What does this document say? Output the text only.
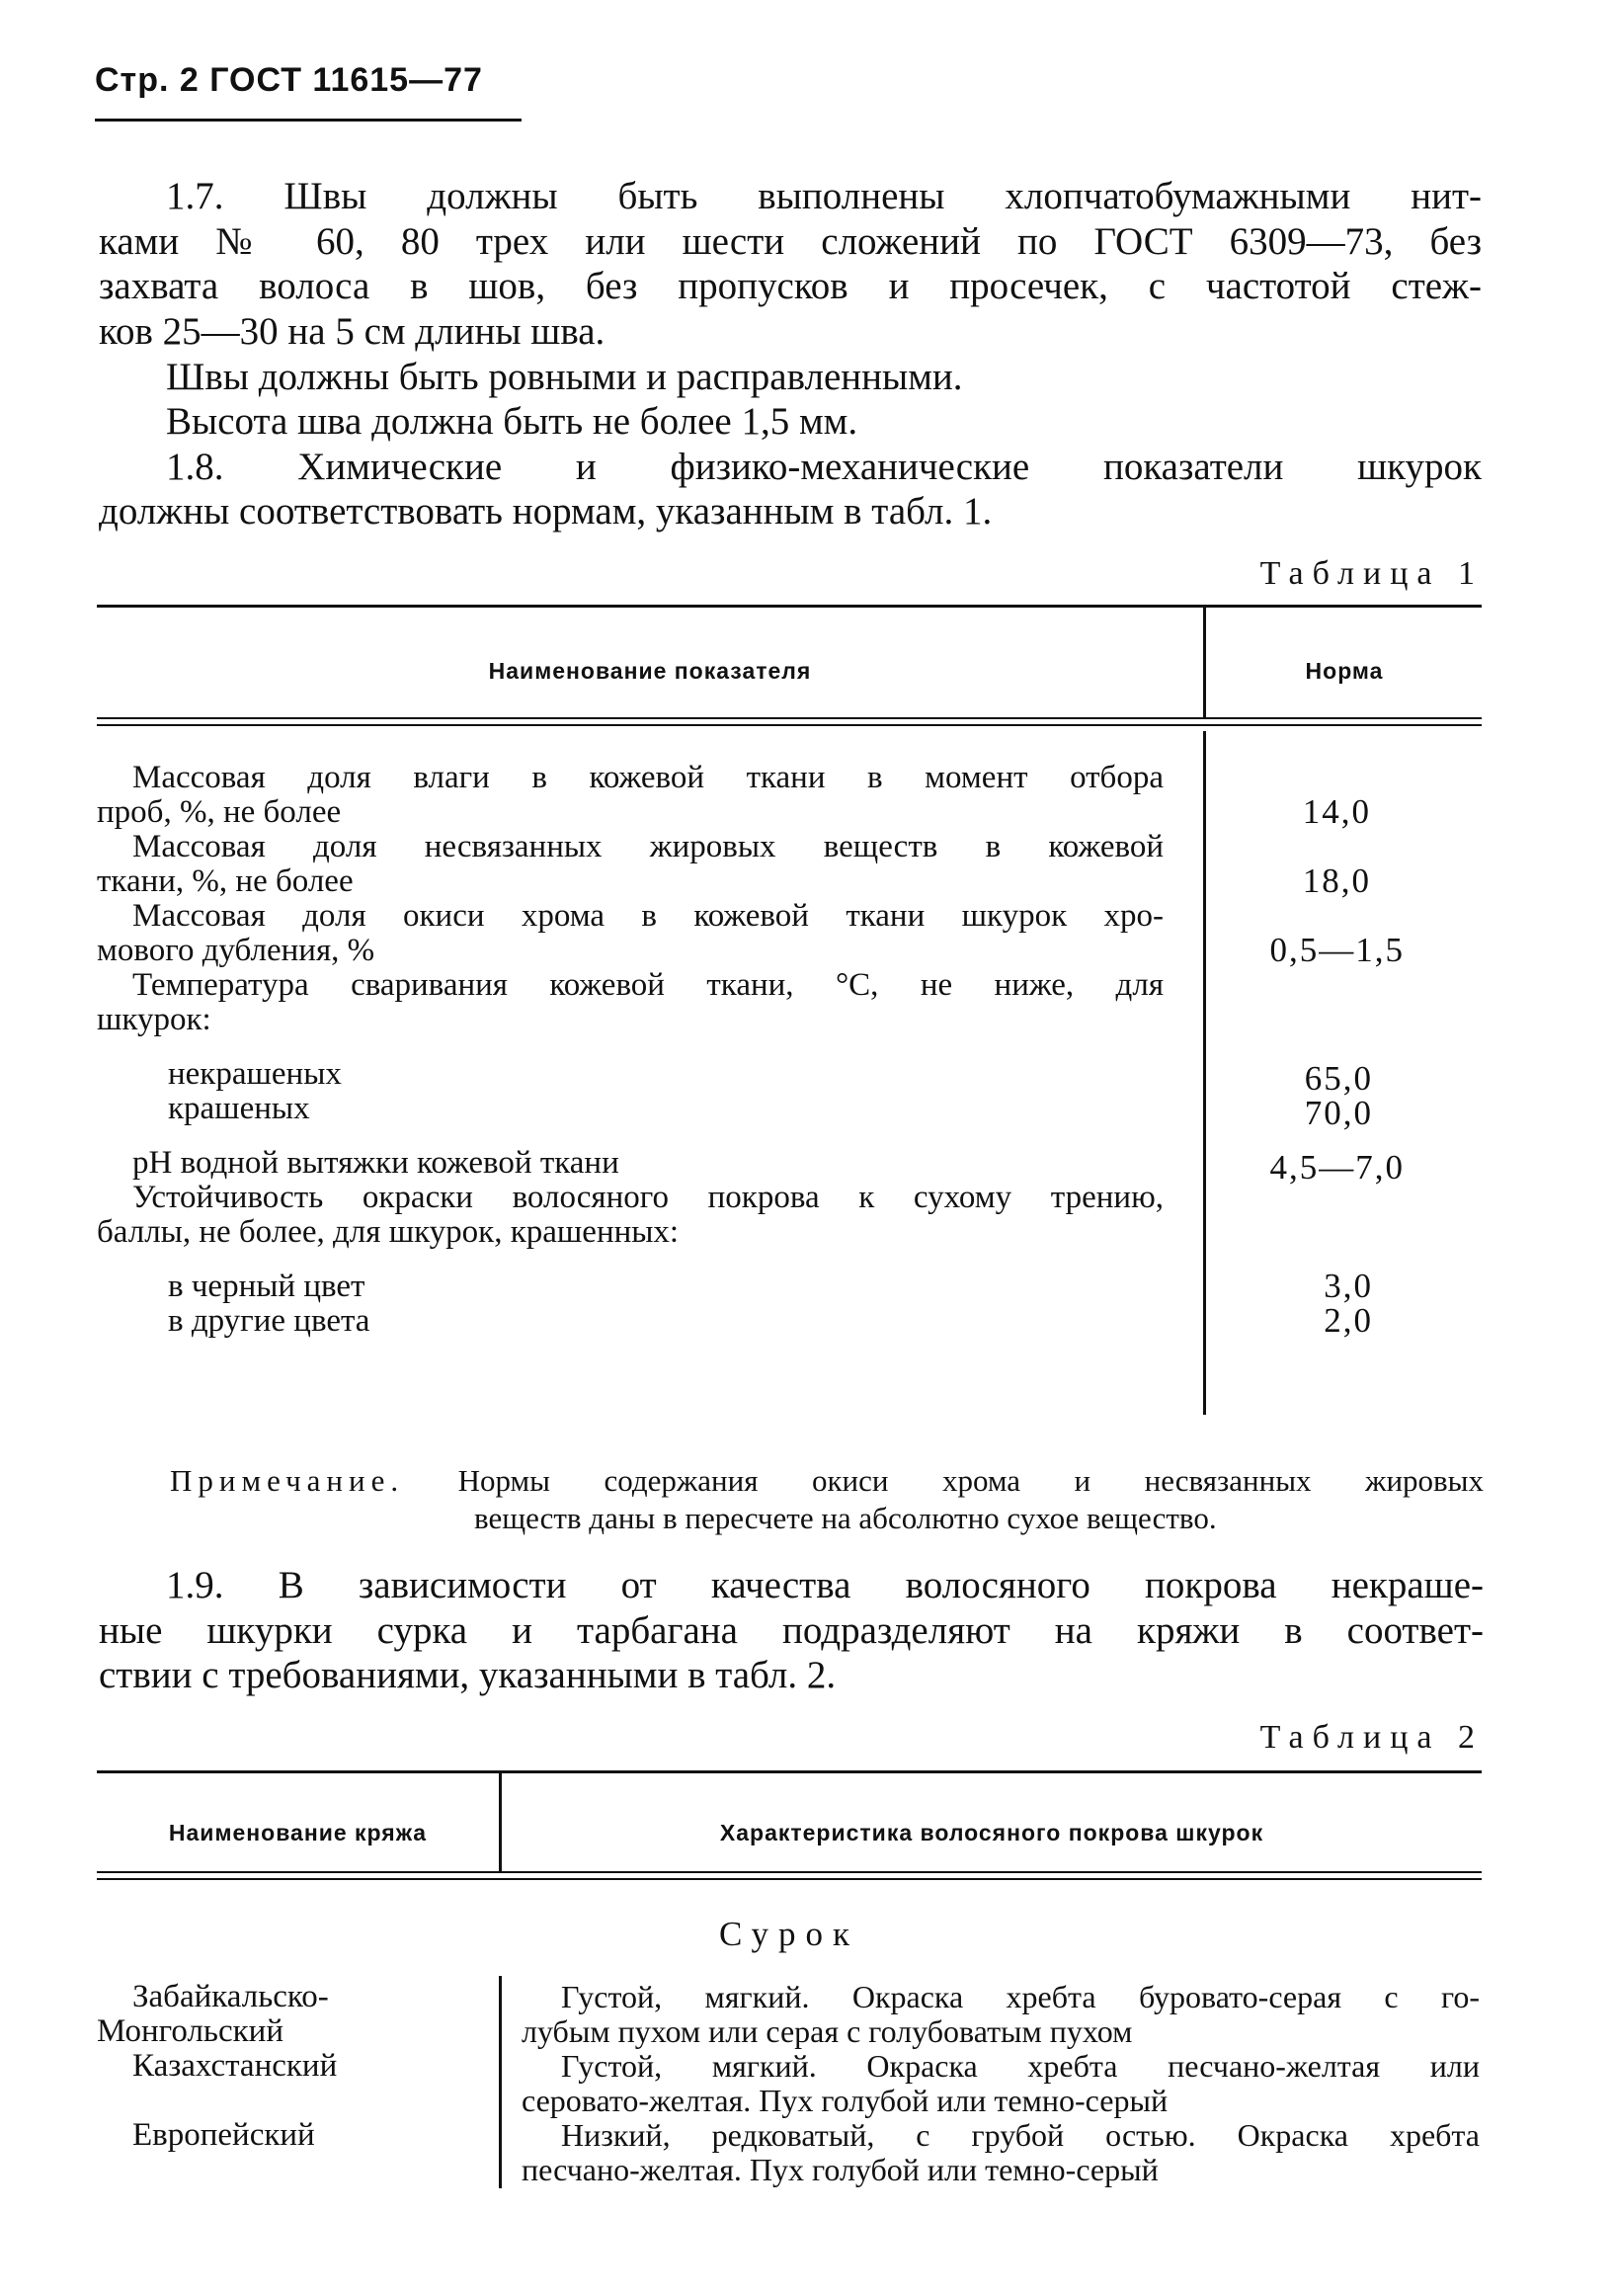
Стр. 2 ГОСТ 11615—77
1.7. Швы должны быть выполнены хлопчатобумажными нит-
ками № 60, 80 трех или шести сложений по ГОСТ 6309—73, без
захвата волоса в шов, без пропусков и просечек, с частотой стеж-
ков 25—30 на 5 см длины шва.
Швы должны быть ровными и расправленными.
Высота шва должна быть не более 1,5 мм.
1.8. Химические и физико-механические показатели шкурок
должны соответствовать нормам, указанным в табл. 1.
Таблица 1
Наименование показателя	Норма
Массовая доля влаги в кожевой ткани в момент отбора
проб, %, не более
Массовая доля несвязанных жировых веществ в кожевой
ткани, %, не более
Массовая доля окиси хрома в кожевой ткани шкурок хро-
мового дубления, %
Температура сваривания кожевой ткани, °С, не ниже, для
шкурок:
некрашеных
крашеных
pH водной вытяжки кожевой ткани
Устойчивость окраски волосяного покрова к сухому трению,
баллы, не более, для шкурок, крашенных:
в черный цвет
в другие цвета
14,0
18,0
0,5—1,5
65,0
70,0
4,5—7,0
3,0
2,0
Примечание. Нормы содержания окиси хрома и несвязанных жировых
веществ даны в пересчете на абсолютно сухое вещество.
1.9. В зависимости от качества волосяного покрова некраше-
ные шкурки сурка и тарбагана подразделяют на кряжи в соответ-
ствии с требованиями, указанными в табл. 2.
Таблица 2
Наименование кряжа	Характеристика волосяного покрова шкурок
Сурок
Забайкальско-
Монгольский
Казахстанский
Европейский
Густой, мягкий. Окраска хребта буровато-серая с го-
лубым пухом или серая с голубоватым пухом
Густой, мягкий. Окраска хребта песчано-желтая или
серовато-желтая. Пух голубой или темно-серый
Низкий, редковатый, с грубой остью. Окраска хребта
песчано-желтая. Пух голубой или темно-серый
